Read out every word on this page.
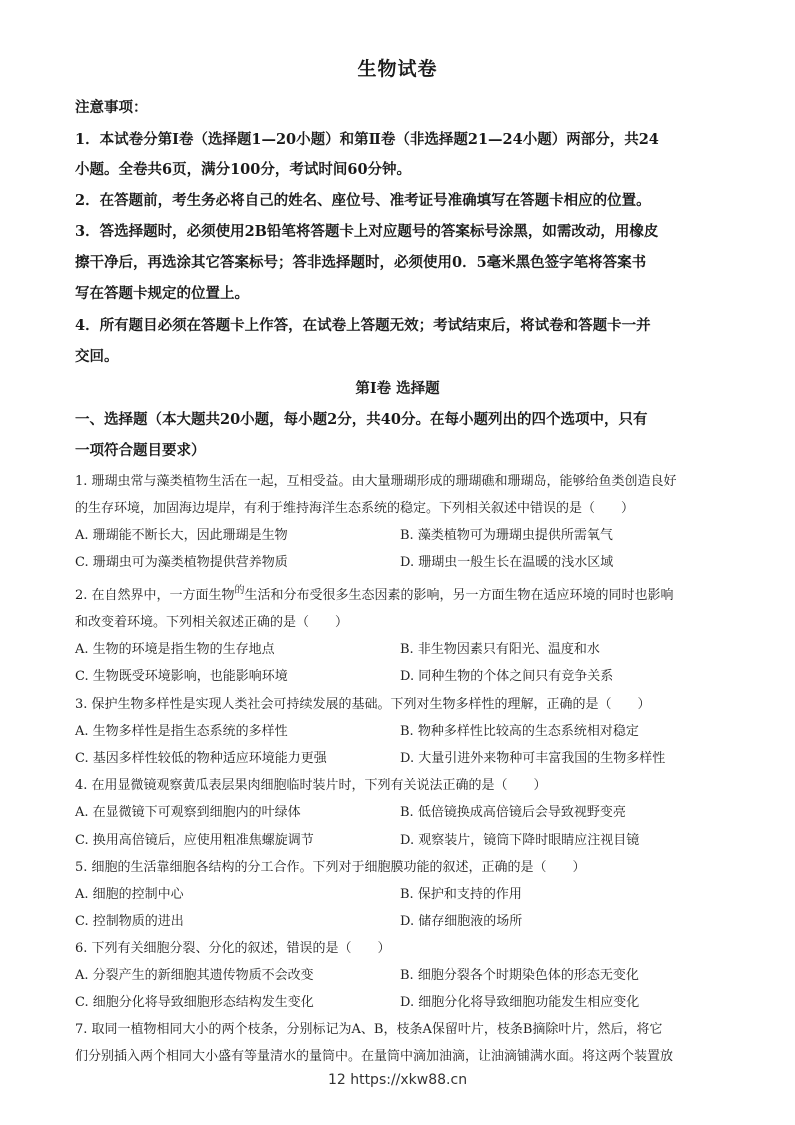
生物试卷
注意事项：
1．本试卷分第Ⅰ卷（选择题1—20小题）和第Ⅱ卷（非选择题21—24小题）两部分，共24
小题。全卷共6页，满分100分，考试时间60分钟。
2．在答题前，考生务必将自己的姓名、座位号、准考证号准确填写在答题卡相应的位置。
3．答选择题时，必须使用2B铅笔将答题卡上对应题号的答案标号涂黑，如需改动，用橡皮
擦干净后，再选涂其它答案标号；答非选择题时，必须使用0．5毫米黑色签字笔将答案书
写在答题卡规定的位置上。
4．所有题目必须在答题卡上作答，在试卷上答题无效；考试结束后，将试卷和答题卡一并
交回。
第Ⅰ卷 选择题
一、选择题（本大题共20小题，每小题2分，共40分。在每小题列出的四个选项中，只有
一项符合题目要求）
1. 珊瑚虫常与藻类植物生活在一起，互相受益。由大量珊瑚形成的珊瑚礁和珊瑚岛，能够给鱼类创造良好
的生存环境，加固海边堤岸，有利于维持海洋生态系统的稳定。下列相关叙述中错误的是（　　）
A. 珊瑚能不断长大，因此珊瑚是生物	B. 藻类植物可为珊瑚虫提供所需氧气
C. 珊瑚虫可为藻类植物提供营养物质	D. 珊瑚虫一般生长在温暖的浅水区域
2. 在自然界中，一方面生物$^的$生活和分布受很多生态因素的影响，另一方面生物在适应环境的同时也影响
和改变着环境。下列相关叙述正确的是（　　）
A. 生物的环境是指生物的生存地点	B. 非生物因素只有阳光、温度和水
C. 生物既受环境影响，也能影响环境	D. 同种生物的个体之间只有竞争关系
3. 保护生物多样性是实现人类社会可持续发展的基础。下列对生物多样性的理解，正确的是（　　）
A. 生物多样性是指生态系统的多样性	B. 物种多样性比较高的生态系统相对稳定
C. 基因多样性较低的物种适应环境能力更强	D. 大量引进外来物种可丰富我国的生物多样性
4. 在用显微镜观察黄瓜表层果肉细胞临时装片时，下列有关说法正确的是（　　）
A. 在显微镜下可观察到细胞内的叶绿体	B. 低倍镜换成高倍镜后会导致视野变亮
C. 换用高倍镜后，应使用粗准焦螺旋调节	D. 观察装片，镜筒下降时眼睛应注视目镜
5. 细胞的生活靠细胞各结构的分工合作。下列对于细胞膜功能的叙述，正确的是（　　）
A. 细胞的控制中心	B. 保护和支持的作用
C. 控制物质的进出	D. 储存细胞液的场所
6. 下列有关细胞分裂、分化的叙述，错误的是（　　）
A. 分裂产生的新细胞其遗传物质不会改变	B. 细胞分裂各个时期染色体的形态无变化
C. 细胞分化将导致细胞形态结构发生变化	D. 细胞分化将导致细胞功能发生相应变化
7. 取同一植物相同大小的两个枝条，分别标记为A、B，枝条A保留叶片，枝条B摘除叶片，然后，将它
们分别插入两个相同大小盛有等量清水的量筒中。在量筒中滴加油滴，让油滴铺满水面。将这两个装置放
12 https://xkw88.cn
